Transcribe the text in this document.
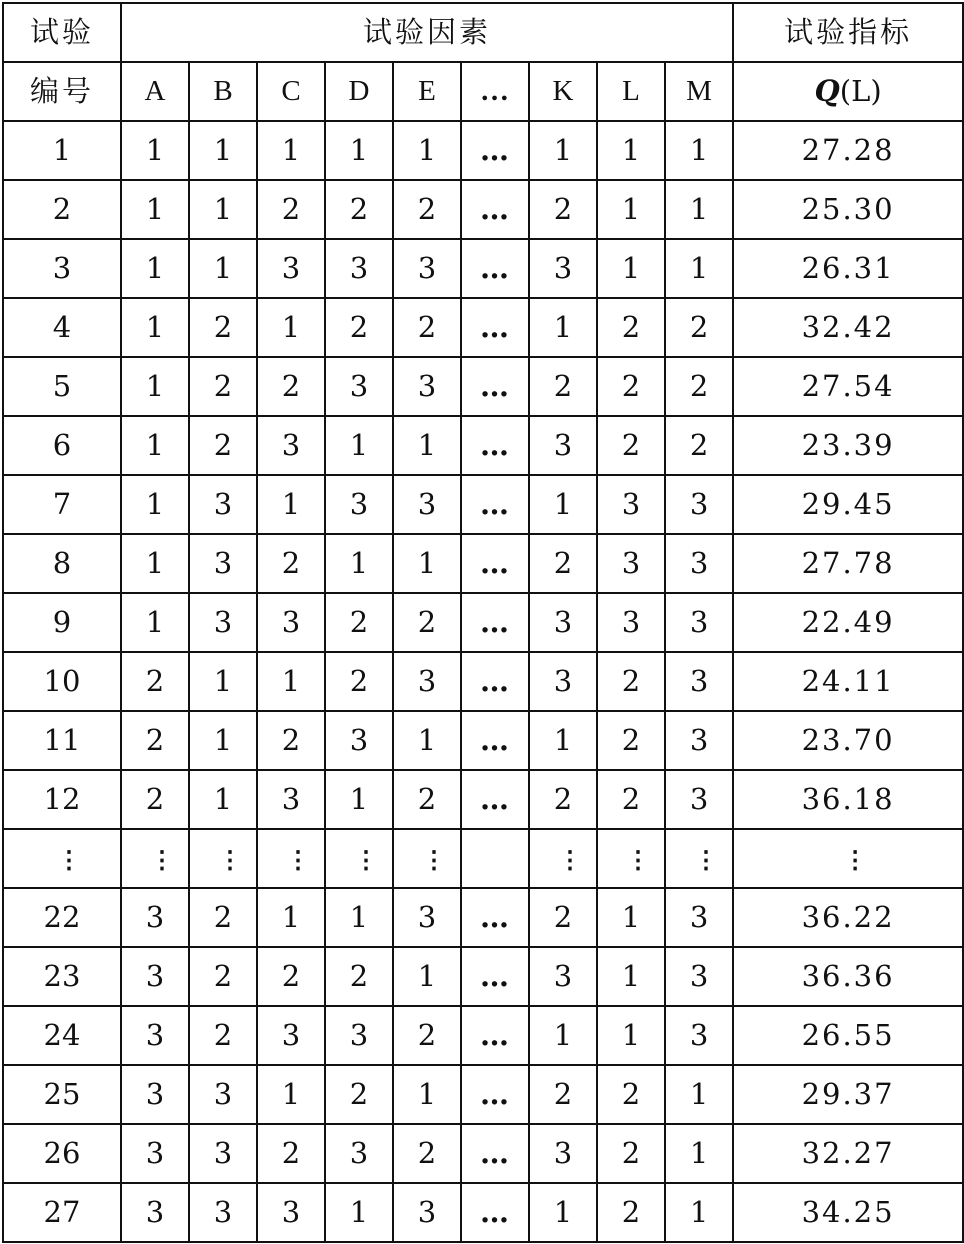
试验	试验因素									试验指标
编号	A	B	C	D	E	…	K	L	M	Q(L)
1	1	1	1	1	1	…	1	1	1	27.28
2	1	1	2	2	2	…	2	1	1	25.30
3	1	1	3	3	3	…	3	1	1	26.31
4	1	2	1	2	2	…	1	2	2	32.42
5	1	2	2	3	3	…	2	2	2	27.54
6	1	2	3	1	1	…	3	2	2	23.39
7	1	3	1	3	3	…	1	3	3	29.45
8	1	3	2	1	1	…	2	3	3	27.78
9	1	3	3	2	2	…	3	3	3	22.49
10	2	1	1	2	3	…	3	2	3	24.11
11	2	1	2	3	1	…	1	2	3	23.70
12	2	1	3	1	2	…	2	2	3	36.18
⋮	⋮	⋮	⋮	⋮	⋮		⋮	⋮	⋮	⋮
22	3	2	1	1	3	…	2	1	3	36.22
23	3	2	2	2	1	…	3	1	3	36.36
24	3	2	3	3	2	…	1	1	3	26.55
25	3	3	1	2	1	…	2	2	1	29.37
26	3	3	2	3	2	…	3	2	1	32.27
27	3	3	3	1	3	…	1	2	1	34.25
